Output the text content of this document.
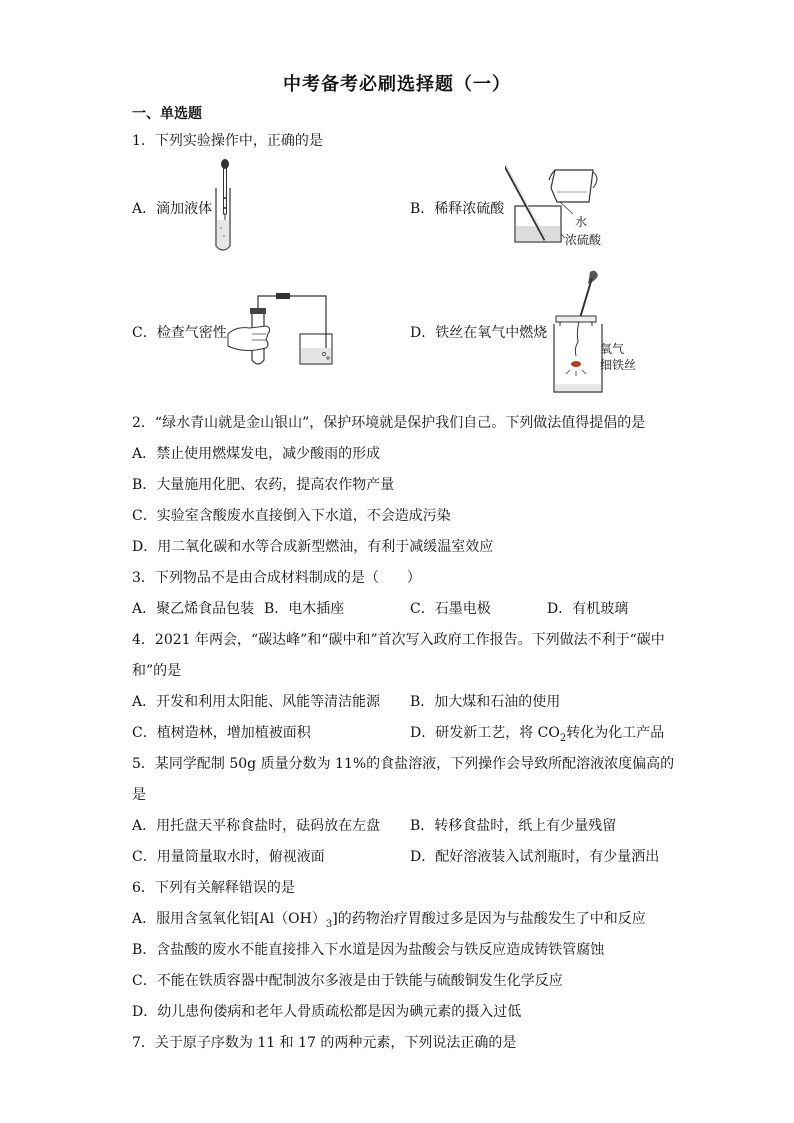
中考备考必刷选择题（一）
一、单选题
1．下列实验操作中，正确的是
A．滴加液体	B．稀释浓硫酸
水
浓硫酸
C．检查气密性	D．铁丝在氧气中燃烧
氧气
细铁丝
2．“绿水青山就是金山银山”，保护环境就是保护我们自己。下列做法值得提倡的是
A．禁止使用燃煤发电，减少酸雨的形成
B．大量施用化肥、农药，提高农作物产量
C．实验室含酸废水直接倒入下水道，不会造成污染
D．用二氧化碳和水等合成新型燃油，有利于减缓温室效应
3．下列物品不是由合成材料制成的是（　　）
A．聚乙烯食品包装 B．电木插座	C．石墨电极	D．有机玻璃
4．2021 年两会，“碳达峰”和“碳中和”首次写入政府工作报告。下列做法不利于“碳中
和”的是
A．开发和利用太阳能、风能等清洁能源 B．加大煤和石油的使用
C．植树造林，增加植被面积	D．研发新工艺，将 $CO_2$转化为化工产品
5．某同学配制 50g 质量分数为 11%的食盐溶液，下列操作会导致所配溶液浓度偏高的
是
A．用托盘天平称食盐时，砝码放在左盘 B．转移食盐时，纸上有少量残留
C．用量筒量取水时，俯视液面	D．配好溶液装入试剂瓶时，有少量洒出
6．下列有关解释错误的是
A．服用含氢氧化铝$[Al(OH)_3]$的药物治疗胃酸过多是因为与盐酸发生了中和反应
B．含盐酸的废水不能直接排入下水道是因为盐酸会与铁反应造成铸铁管腐蚀
C．不能在铁质容器中配制波尔多液是由于铁能与硫酸铜发生化学反应
D．幼儿患佝偻病和老年人骨质疏松都是因为碘元素的摄入过低
7．关于原子序数为 11 和 17 的两种元素，下列说法正确的是
